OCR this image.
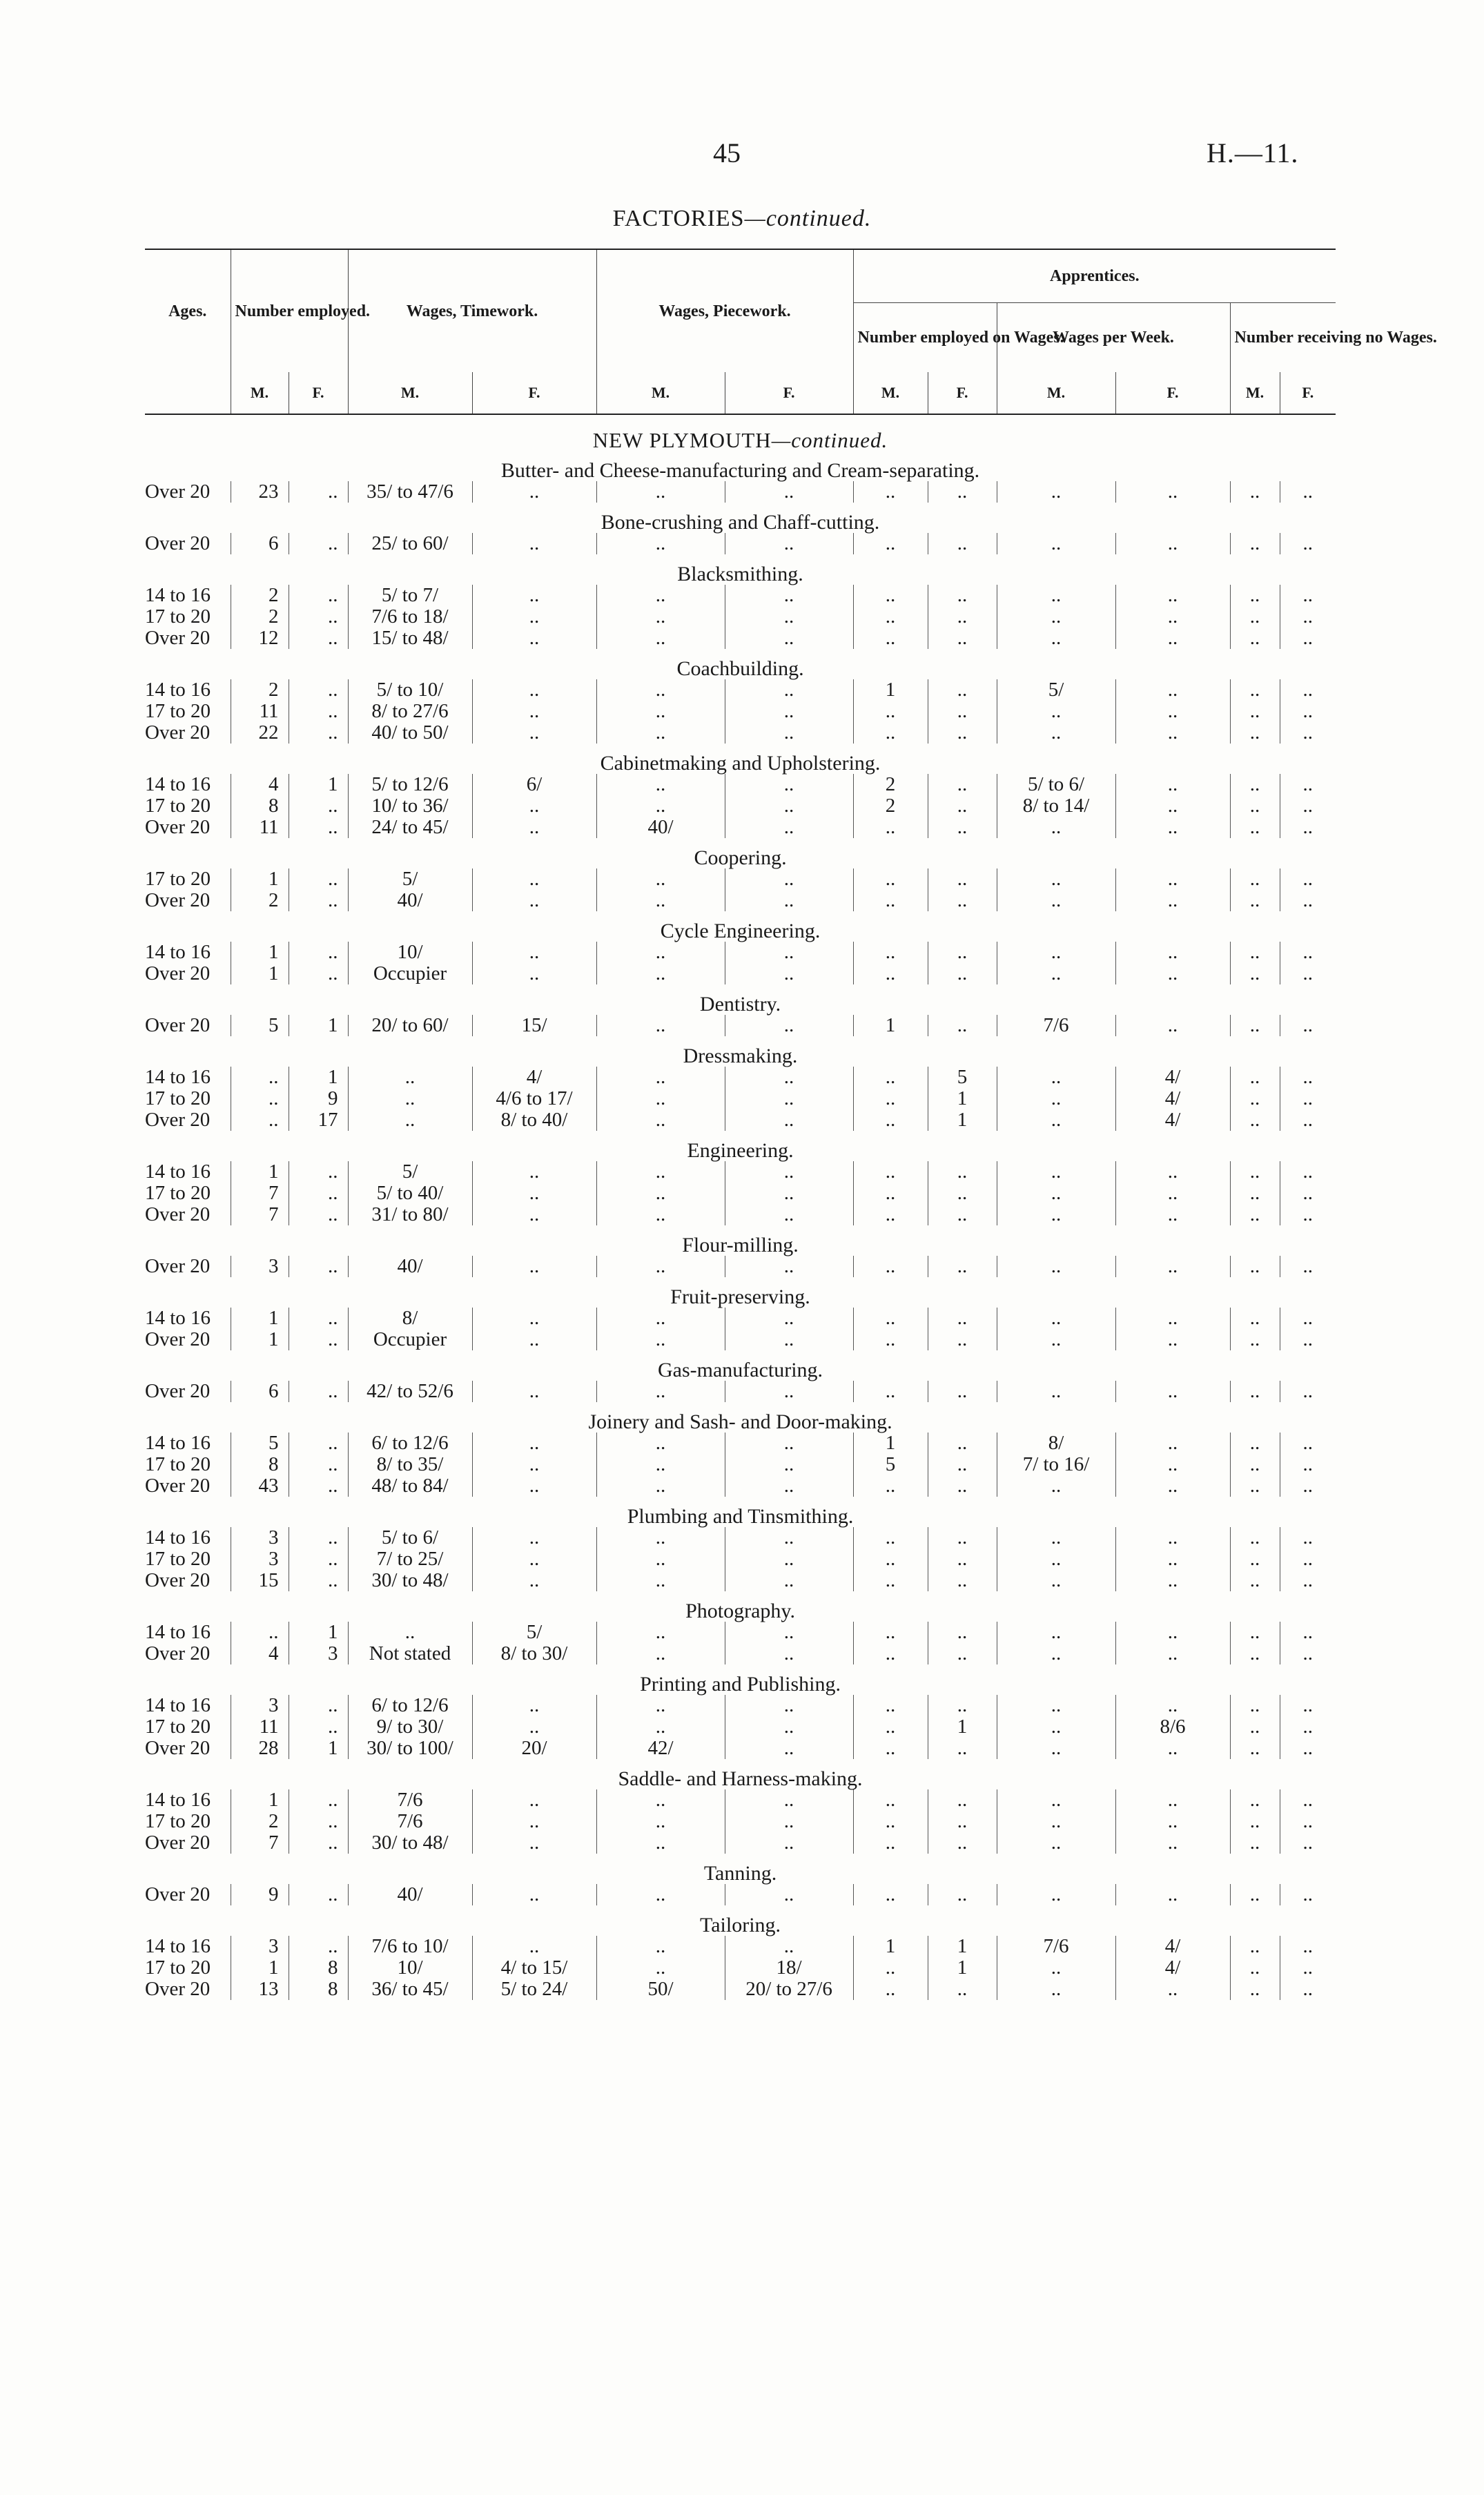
45	H.—11.
FACTORIES—continued.
Ages.	Number employed.		Wages, Timework.		Wages, Piecework.		Apprentices.					
							Number employed on Wages.		Wages per Week.		Number receiving no Wages.	
	M.	F.	M.	F.	M.	F.	M.	F.	M.	F.	M.	F.
NEW PLYMOUTH—continued.												
Butter- and Cheese-manufacturing and Cream-separating.												
Over 20	23	..	35/ to 47/6	..	..	..	..	..	..	..	..	..
Bone-crushing and Chaff-cutting.												
Over 20	6	..	25/ to 60/	..	..	..	..	..	..	..	..	..
Blacksmithing.												
14 to 16	2	..	5/ to 7/	..	..	..	..	..	..	..	..	..
17 to 20	2	..	7/6 to 18/	..	..	..	..	..	..	..	..	..
Over 20	12	..	15/ to 48/	..	..	..	..	..	..	..	..	..
Coachbuilding.												
14 to 16	2	..	5/ to 10/	..	..	..	1	..	5/	..	..	..
17 to 20	11	..	8/ to 27/6	..	..	..	..	..	..	..	..	..
Over 20	22	..	40/ to 50/	..	..	..	..	..	..	..	..	..
Cabinetmaking and Upholstering.												
14 to 16	4	1	5/ to 12/6	6/	..	..	2	..	5/ to 6/	..	..	..
17 to 20	8	..	10/ to 36/	..	..	..	2	..	8/ to 14/	..	..	..
Over 20	11	..	24/ to 45/	..	40/	..	..	..	..	..	..	..
Coopering.												
17 to 20	1	..	5/	..	..	..	..	..	..	..	..	..
Over 20	2	..	40/	..	..	..	..	..	..	..	..	..
Cycle Engineering.												
14 to 16	1	..	10/	..	..	..	..	..	..	..	..	..
Over 20	1	..	Occupier	..	..	..	..	..	..	..	..	..
Dentistry.												
Over 20	5	1	20/ to 60/	15/	..	..	1	..	7/6	..	..	..
Dressmaking.												
14 to 16	..	1	..	4/	..	..	..	5	..	4/	..	..
17 to 20	..	9	..	4/6 to 17/	..	..	..	1	..	4/	..	..
Over 20	..	17	..	8/ to 40/	..	..	..	1	..	4/	..	..
Engineering.												
14 to 16	1	..	5/	..	..	..	..	..	..	..	..	..
17 to 20	7	..	5/ to 40/	..	..	..	..	..	..	..	..	..
Over 20	7	..	31/ to 80/	..	..	..	..	..	..	..	..	..
Flour-milling.												
Over 20	3	..	40/	..	..	..	..	..	..	..	..	..
Fruit-preserving.												
14 to 16	1	..	8/	..	..	..	..	..	..	..	..	..
Over 20	1	..	Occupier	..	..	..	..	..	..	..	..	..
Gas-manufacturing.												
Over 20	6	..	42/ to 52/6	..	..	..	..	..	..	..	..	..
Joinery and Sash- and Door-making.												
14 to 16	5	..	6/ to 12/6	..	..	..	1	..	8/	..	..	..
17 to 20	8	..	8/ to 35/	..	..	..	5	..	7/ to 16/	..	..	..
Over 20	43	..	48/ to 84/	..	..	..	..	..	..	..	..	..
Plumbing and Tinsmithing.												
14 to 16	3	..	5/ to 6/	..	..	..	..	..	..	..	..	..
17 to 20	3	..	7/ to 25/	..	..	..	..	..	..	..	..	..
Over 20	15	..	30/ to 48/	..	..	..	..	..	..	..	..	..
Photography.												
14 to 16	..	1	..	5/	..	..	..	..	..	..	..	..
Over 20	4	3	Not stated	8/ to 30/	..	..	..	..	..	..	..	..
Printing and Publishing.												
14 to 16	3	..	6/ to 12/6	..	..	..	..	..	..	..	..	..
17 to 20	11	..	9/ to 30/	..	..	..	..	1	..	8/6	..	..
Over 20	28	1	30/ to 100/	20/	42/	..	..	..	..	..	..	..
Saddle- and Harness-making.												
14 to 16	1	..	7/6	..	..	..	..	..	..	..	..	..
17 to 20	2	..	7/6	..	..	..	..	..	..	..	..	..
Over 20	7	..	30/ to 48/	..	..	..	..	..	..	..	..	..
Tanning.												
Over 20	9	..	40/	..	..	..	..	..	..	..	..	..
Tailoring.												
14 to 16	3	..	7/6 to 10/	..	..	..	1	1	7/6	4/	..	..
17 to 20	1	8	10/	4/ to 15/	..	18/	..	1	..	4/	..	..
Over 20	13	8	36/ to 45/	5/ to 24/	50/	20/ to 27/6	..	..	..	..	..	..
